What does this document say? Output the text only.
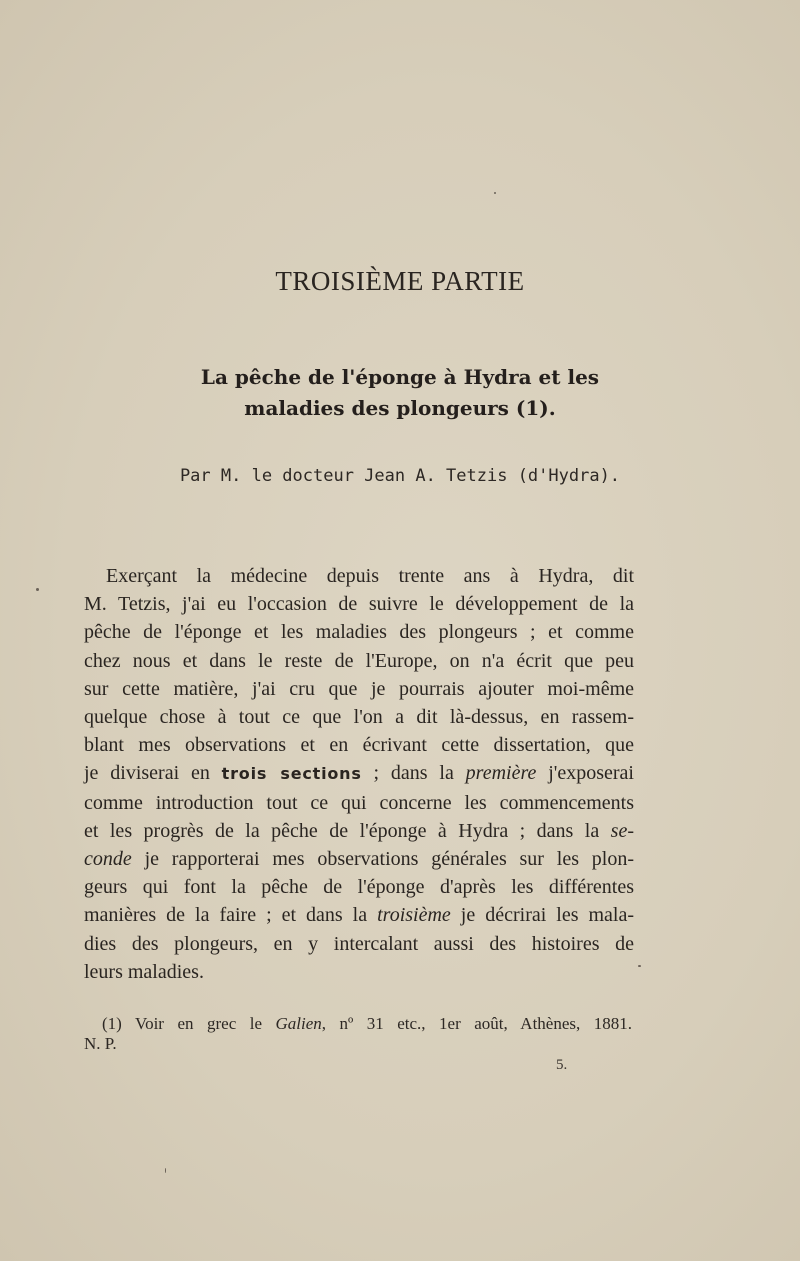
TROISIÈME PARTIE
La pêche de l'éponge à Hydra et les
maladies des plongeurs (1).
Par M. le docteur Jean A. Tetzis (d'Hydra).
Exerçant la médecine depuis trente ans à Hydra, dit
M. Tetzis, j'ai eu l'occasion de suivre le développement de la
pêche de l'éponge et les maladies des plongeurs ; et comme
chez nous et dans le reste de l'Europe, on n'a écrit que peu
sur cette matière, j'ai cru que je pourrais ajouter moi-même
quelque chose à tout ce que l'on a dit là-dessus, en rassem-
blant mes observations et en écrivant cette dissertation, que
je diviserai en trois sections ; dans la première j'exposerai
comme introduction tout ce qui concerne les commencements
et les progrès de la pêche de l'éponge à Hydra ; dans la se-
conde je rapporterai mes observations générales sur les plon-
geurs qui font la pêche de l'éponge d'après les différentes
manières de la faire ; et dans la troisième je décrirai les mala-
dies des plongeurs, en y intercalant aussi des histoires de
leurs maladies.
(1) Voir en grec le Galien, nº 31 etc., 1er août, Athènes, 1881.
N. P.
5.
